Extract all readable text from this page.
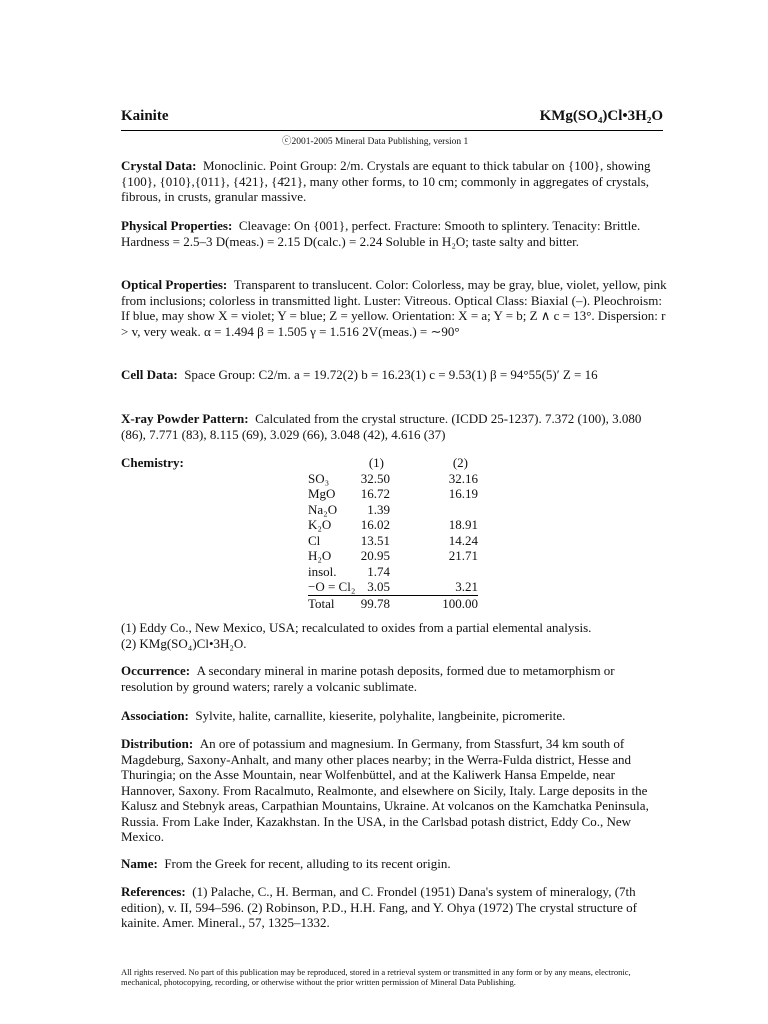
Kainite	KMg(SO₄)Cl•3H₂O
ⓒ2001-2005 Mineral Data Publishing, version 1

Crystal Data: Monoclinic. Point Group: 2/m. Crystals are equant to thick tabular on {100}, showing {100}, {010},{011}, {421}, {4̄21}, many other forms, to 10 cm; commonly in aggregates of crystals, fibrous, in crusts, granular massive.

Physical Properties: Cleavage: On {001}, perfect. Fracture: Smooth to splintery. Tenacity: Brittle. Hardness = 2.5–3 D(meas.) = 2.15 D(calc.) = 2.24 Soluble in H₂O; taste salty and bitter.

Optical Properties: Transparent to translucent. Color: Colorless, may be gray, blue, violet, yellow, pink from inclusions; colorless in transmitted light. Luster: Vitreous. Optical Class: Biaxial (–). Pleochroism: If blue, may show X = violet; Y = blue; Z = yellow. Orientation: X = a; Y = b; Z ∧ c = 13°. Dispersion: r > v, very weak. α = 1.494 β = 1.505 γ = 1.516 2V(meas.) = ∼90°

Cell Data: Space Group: C2/m. a = 19.72(2) b = 16.23(1) c = 9.53(1) β = 94°55(5)′ Z = 16

X-ray Powder Pattern: Calculated from the crystal structure. (ICDD 25-1237). 7.372 (100), 3.080 (86), 7.771 (83), 8.115 (69), 3.029 (66), 3.048 (42), 4.616 (37)

Chemistry:	(1)	(2)
SO₃ 32.50	32.16
MgO 16.72	16.19
Na₂O 1.39
K₂O 16.02	18.91
Cl	13.51	14.24
H₂O 20.95	21.71
insol. 1.74
−O = Cl₂ 3.05	3.21
Total 99.78	100.00

(1) Eddy Co., New Mexico, USA; recalculated to oxides from a partial elemental analysis.

(2) KMg(SO₄)Cl•3H₂O.

Occurrence: A secondary mineral in marine potash deposits, formed due to metamorphism or resolution by ground waters; rarely a volcanic sublimate.

Association: Sylvite, halite, carnallite, kieserite, polyhalite, langbeinite, picromerite.

Distribution: An ore of potassium and magnesium. In Germany, from Stassfurt, 34 km south of Magdeburg, Saxony-Anhalt, and many other places nearby; in the Werra-Fulda district, Hesse and Thuringia; on the Asse Mountain, near Wolfenbüttel, and at the Kaliwerk Hansa Empelde, near Hannover, Saxony. From Racalmuto, Realmonte, and elsewhere on Sicily, Italy. Large deposits in the Kalusz and Stebnyk areas, Carpathian Mountains, Ukraine. At volcanos on the Kamchatka Peninsula, Russia. From Lake Inder, Kazakhstan. In the USA, in the Carlsbad potash district, Eddy Co., New Mexico.

Name: From the Greek for recent, alluding to its recent origin.

References: (1) Palache, C., H. Berman, and C. Frondel (1951) Dana's system of mineralogy, (7th edition), v. II, 594–596. (2) Robinson, P.D., H.H. Fang, and Y. Ohya (1972) The crystal structure of kainite. Amer. Mineral., 57, 1325–1332.

All rights reserved. No part of this publication may be reproduced, stored in a retrieval system or transmitted in any form or by any means, electronic, mechanical, photocopying, recording, or otherwise without the prior written permission of Mineral Data Publishing.
